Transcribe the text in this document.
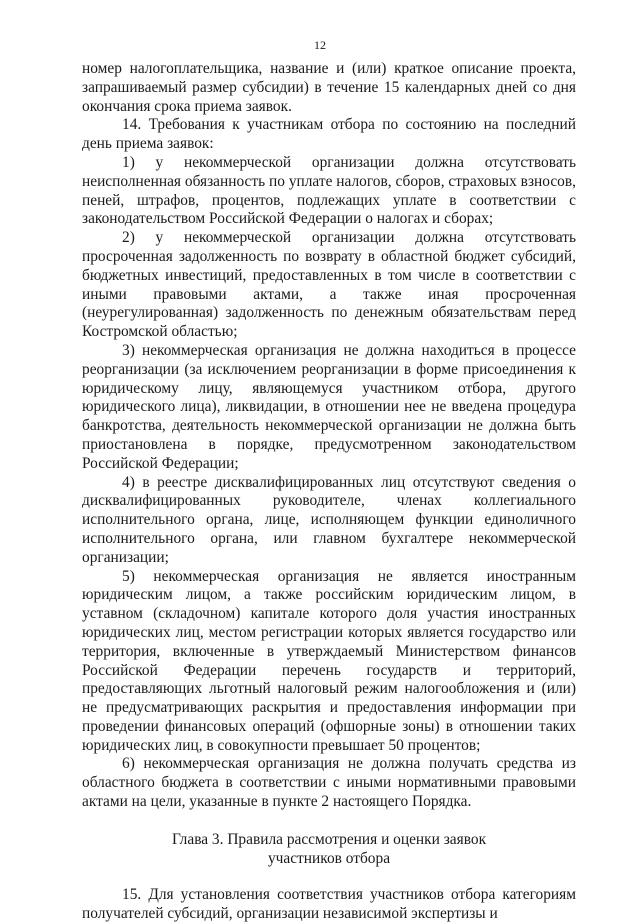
12

номер налогоплательщика, название и (или) краткое описание проекта, запрашиваемый размер субсидии) в течение 15 календарных дней со дня окончания срока приема заявок.

14. Требования к участникам отбора по состоянию на последний день приема заявок:

1) у некоммерческой организации должна отсутствовать неисполненная обязанность по уплате налогов, сборов, страховых взносов, пеней, штрафов, процентов, подлежащих уплате в соответствии с законодательством Российской Федерации о налогах и сборах;

2) у некоммерческой организации должна отсутствовать просроченная задолженность по возврату в областной бюджет субсидий, бюджетных инвестиций, предоставленных в том числе в соответствии с иными правовыми актами, а также иная просроченная (неурегулированная) задолженность по денежным обязательствам перед Костромской областью;

3) некоммерческая организация не должна находиться в процессе реорганизации (за исключением реорганизации в форме присоединения к юридическому лицу, являющемуся участником отбора, другого юридического лица), ликвидации, в отношении нее не введена процедура банкротства, деятельность некоммерческой организации не должна быть приостановлена в порядке, предусмотренном законодательством Российской Федерации;

4) в реестре дисквалифицированных лиц отсутствуют сведения о дисквалифицированных руководителе, членах коллегиального исполнительного органа, лице, исполняющем функции единоличного исполнительного органа, или главном бухгалтере некоммерческой организации;

5) некоммерческая организация не является иностранным юридическим лицом, а также российским юридическим лицом, в уставном (складочном) капитале которого доля участия иностранных юридических лиц, местом регистрации которых является государство или территория, включенные в утверждаемый Министерством финансов Российской Федерации перечень государств и территорий, предоставляющих льготный налоговый режим налогообложения и (или) не предусматривающих раскрытия и предоставления информации при проведении финансовых операций (офшорные зоны) в отношении таких юридических лиц, в совокупности превышает 50 процентов;

6) некоммерческая организация не должна получать средства из областного бюджета в соответствии с иными нормативными правовыми актами на цели, указанные в пункте 2 настоящего Порядка.

Глава 3. Правила рассмотрения и оценки заявок
участников отбора

15. Для установления соответствия участников отбора категориям получателей субсидий, организации независимой экспертизы и
